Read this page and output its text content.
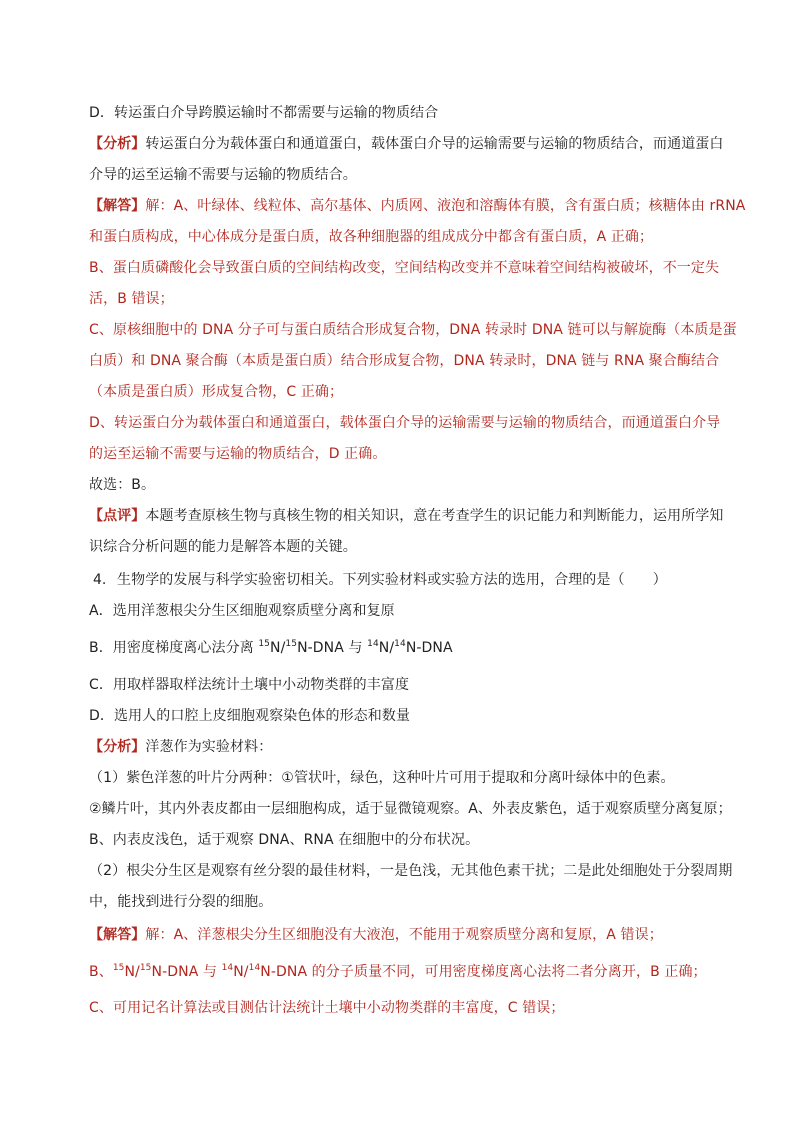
D．转运蛋白介导跨膜运输时不都需要与运输的物质结合
【分析】转运蛋白分为载体蛋白和通道蛋白，载体蛋白介导的运输需要与运输的物质结合，而通道蛋白
介导的运至运输不需要与运输的物质结合。
【解答】解：A、叶绿体、线粒体、高尔基体、内质网、液泡和溶酶体有膜，含有蛋白质；核糖体由 rRNA
和蛋白质构成，中心体成分是蛋白质，故各种细胞器的组成成分中都含有蛋白质，A 正确；
B、蛋白质磷酸化会导致蛋白质的空间结构改变，空间结构改变并不意味着空间结构被破坏，不一定失
活，B 错误；
C、原核细胞中的 DNA 分子可与蛋白质结合形成复合物，DNA 转录时 DNA 链可以与解旋酶（本质是蛋
白质）和 DNA 聚合酶（本质是蛋白质）结合形成复合物，DNA 转录时，DNA 链与 RNA 聚合酶结合
（本质是蛋白质）形成复合物，C 正确；
D、转运蛋白分为载体蛋白和通道蛋白，载体蛋白介导的运输需要与运输的物质结合，而通道蛋白介导
的运至运输不需要与运输的物质结合，D 正确。
故选：B。
【点评】本题考查原核生物与真核生物的相关知识，意在考查学生的识记能力和判断能力，运用所学知
识综合分析问题的能力是解答本题的关键。
4. 生物学的发展与科学实验密切相关。下列实验材料或实验方法的选用，合理的是（　　）
A．选用洋葱根尖分生区细胞观察质壁分离和复原
B．用密度梯度离心法分离 $^{15}$N/$^{15}$N-DNA 与 $^{14}$N/$^{14}$N-DNA
C．用取样器取样法统计土壤中小动物类群的丰富度
D．选用人的口腔上皮细胞观察染色体的形态和数量
【分析】洋葱作为实验材料：
（1）紫色洋葱的叶片分两种：①管状叶，绿色，这种叶片可用于提取和分离叶绿体中的色素。
②鳞片叶，其内外表皮都由一层细胞构成，适于显微镜观察。A、外表皮紫色，适于观察质壁分离复原；
B、内表皮浅色，适于观察 DNA、RNA 在细胞中的分布状况。
（2）根尖分生区是观察有丝分裂的最佳材料，一是色浅，无其他色素干扰；二是此处细胞处于分裂周期
中，能找到进行分裂的细胞。
【解答】解：A、洋葱根尖分生区细胞没有大液泡，不能用于观察质壁分离和复原，A 错误；
B、$^{15}$N/$^{15}$N-DNA 与 $^{14}$N/$^{14}$N-DNA 的分子质量不同，可用密度梯度离心法将二者分离开，B 正确；
C、可用记名计算法或目测估计法统计土壤中小动物类群的丰富度，C 错误；
